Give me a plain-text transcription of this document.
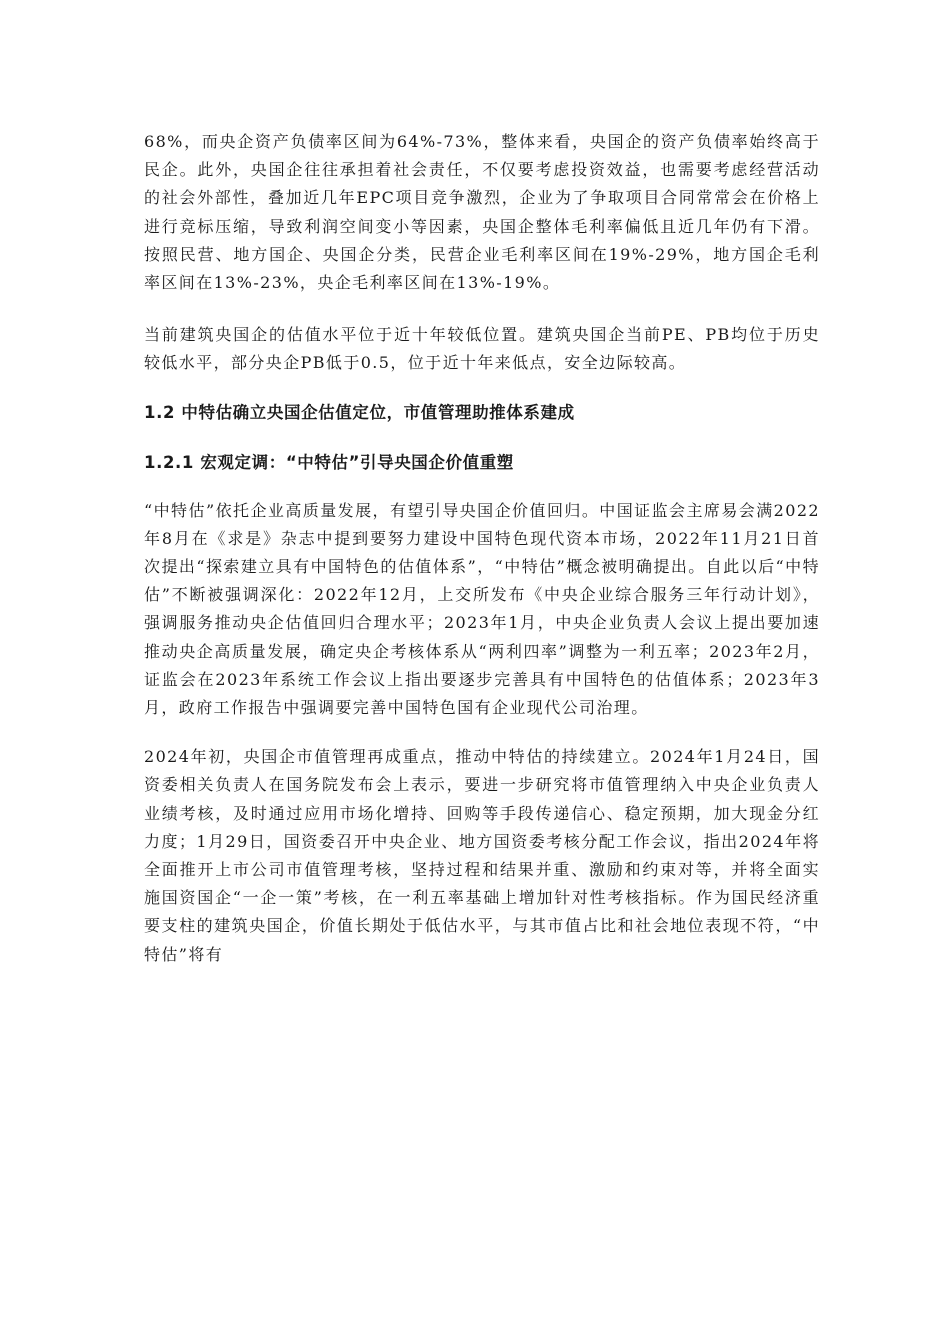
68%，而央企资产负债率区间为64%-73%，整体来看，央国企的资产负债率始终高于民企。此外，央国企往往承担着社会责任，不仅要考虑投资效益，也需要考虑经营活动的社会外部性，叠加近几年EPC项目竞争激烈，企业为了争取项目合同常常会在价格上进行竞标压缩，导致利润空间变小等因素，央国企整体毛利率偏低且近几年仍有下滑。按照民营、地方国企、央国企分类，民营企业毛利率区间在19%-29%，地方国企毛利率区间在13%-23%，央企毛利率区间在13%-19%。

当前建筑央国企的估值水平位于近十年较低位置。建筑央国企当前PE、PB均位于历史较低水平，部分央企PB低于0.5，位于近十年来低点，安全边际较高。

1.2 中特估确立央国企估值定位，市值管理助推体系建成
1.2.1 宏观定调：“中特估”引导央国企价值重塑

“中特估”依托企业高质量发展，有望引导央国企价值回归。中国证监会主席易会满2022年8月在《求是》杂志中提到要努力建设中国特色现代资本市场，2022年11月21日首次提出“探索建立具有中国特色的估值体系”，“中特估”概念被明确提出。自此以后“中特估”不断被强调深化：2022年12月，上交所发布《中央企业综合服务三年行动计划》，强调服务推动央企估值回归合理水平；2023年1月，中央企业负责人会议上提出要加速推动央企高质量发展，确定央企考核体系从“两利四率”调整为一利五率；2023年2月，证监会在2023年系统工作会议上指出要逐步完善具有中国特色的估值体系；2023年3月，政府工作报告中强调要完善中国特色国有企业现代公司治理。

2024年初，央国企市值管理再成重点，推动中特估的持续建立。2024年1月24日，国资委相关负责人在国务院发布会上表示，要进一步研究将市值管理纳入中央企业负责人业绩考核，及时通过应用市场化增持、回购等手段传递信心、稳定预期，加大现金分红力度；1月29日，国资委召开中央企业、地方国资委考核分配工作会议，指出2024年将全面推开上市公司市值管理考核，坚持过程和结果并重、激励和约束对等，并将全面实施国资国企“一企一策”考核，在一利五率基础上增加针对性考核指标。作为国民经济重要支柱的建筑央国企，价值长期处于低估水平，与其市值占比和社会地位表现不符，“中特估”将有
